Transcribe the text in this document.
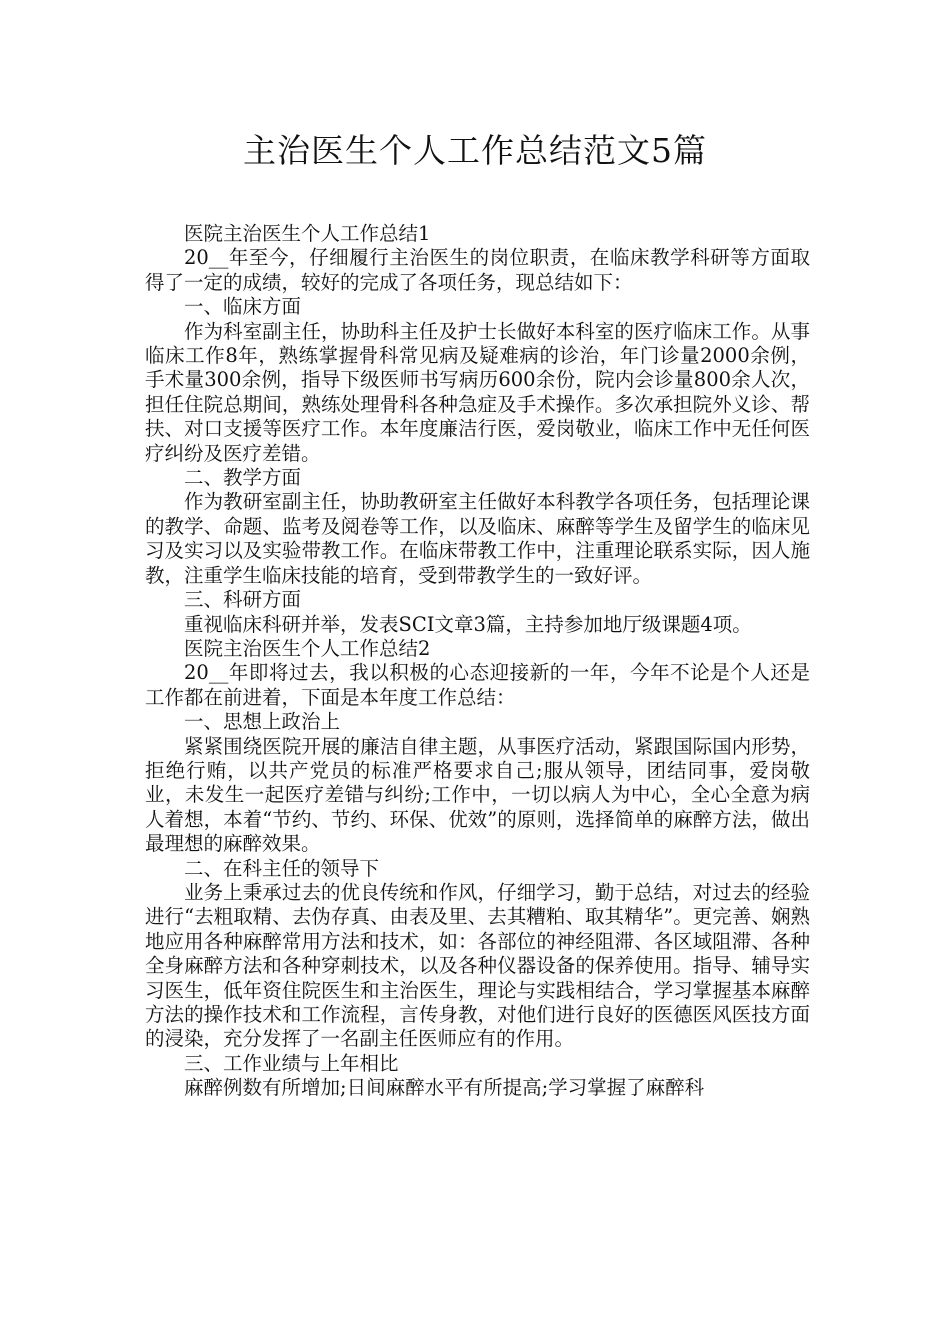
主治医生个人工作总结范文5篇

医院主治医生个人工作总结1

20__年至今，仔细履行主治医生的岗位职责，在临床教学科研等方面取得了一定的成绩，较好的完成了各项任务，现总结如下：

一、临床方面

作为科室副主任，协助科主任及护士长做好本科室的医疗临床工作。从事临床工作8年，熟练掌握骨科常见病及疑难病的诊治，年门诊量2000余例，手术量300余例，指导下级医师书写病历600余份，院内会诊量800余人次，担任住院总期间，熟练处理骨科各种急症及手术操作。多次承担院外义诊、帮扶、对口支援等医疗工作。本年度廉洁行医，爱岗敬业，临床工作中无任何医疗纠纷及医疗差错。

二、教学方面

作为教研室副主任，协助教研室主任做好本科教学各项任务，包括理论课的教学、命题、监考及阅卷等工作，以及临床、麻醉等学生及留学生的临床见习及实习以及实验带教工作。在临床带教工作中，注重理论联系实际，因人施教，注重学生临床技能的培育，受到带教学生的一致好评。

三、科研方面

重视临床科研并举，发表SCI文章3篇，主持参加地厅级课题4项。

医院主治医生个人工作总结2

20__年即将过去，我以积极的心态迎接新的一年，今年不论是个人还是工作都在前进着，下面是本年度工作总结：

一、思想上政治上

紧紧围绕医院开展的廉洁自律主题，从事医疗活动，紧跟国际国内形势，拒绝行贿，以共产党员的标准严格要求自己;服从领导，团结同事，爱岗敬业，未发生一起医疗差错与纠纷;工作中，一切以病人为中心，全心全意为病人着想，本着“节约、节约、环保、优效”的原则，选择简单的麻醉方法，做出最理想的麻醉效果。

二、在科主任的领导下

业务上秉承过去的优良传统和作风，仔细学习，勤于总结，对过去的经验进行“去粗取精、去伪存真、由表及里、去其糟粕、取其精华”。更完善、娴熟地应用各种麻醉常用方法和技术，如：各部位的神经阻滞、各区域阻滞、各种全身麻醉方法和各种穿刺技术，以及各种仪器设备的保养使用。指导、辅导实习医生，低年资住院医生和主治医生，理论与实践相结合，学习掌握基本麻醉方法的操作技术和工作流程，言传身教，对他们进行良好的医德医风医技方面的浸染，充分发挥了一名副主任医师应有的作用。

三、工作业绩与上年相比

麻醉例数有所增加;日间麻醉水平有所提高;学习掌握了麻醉科
